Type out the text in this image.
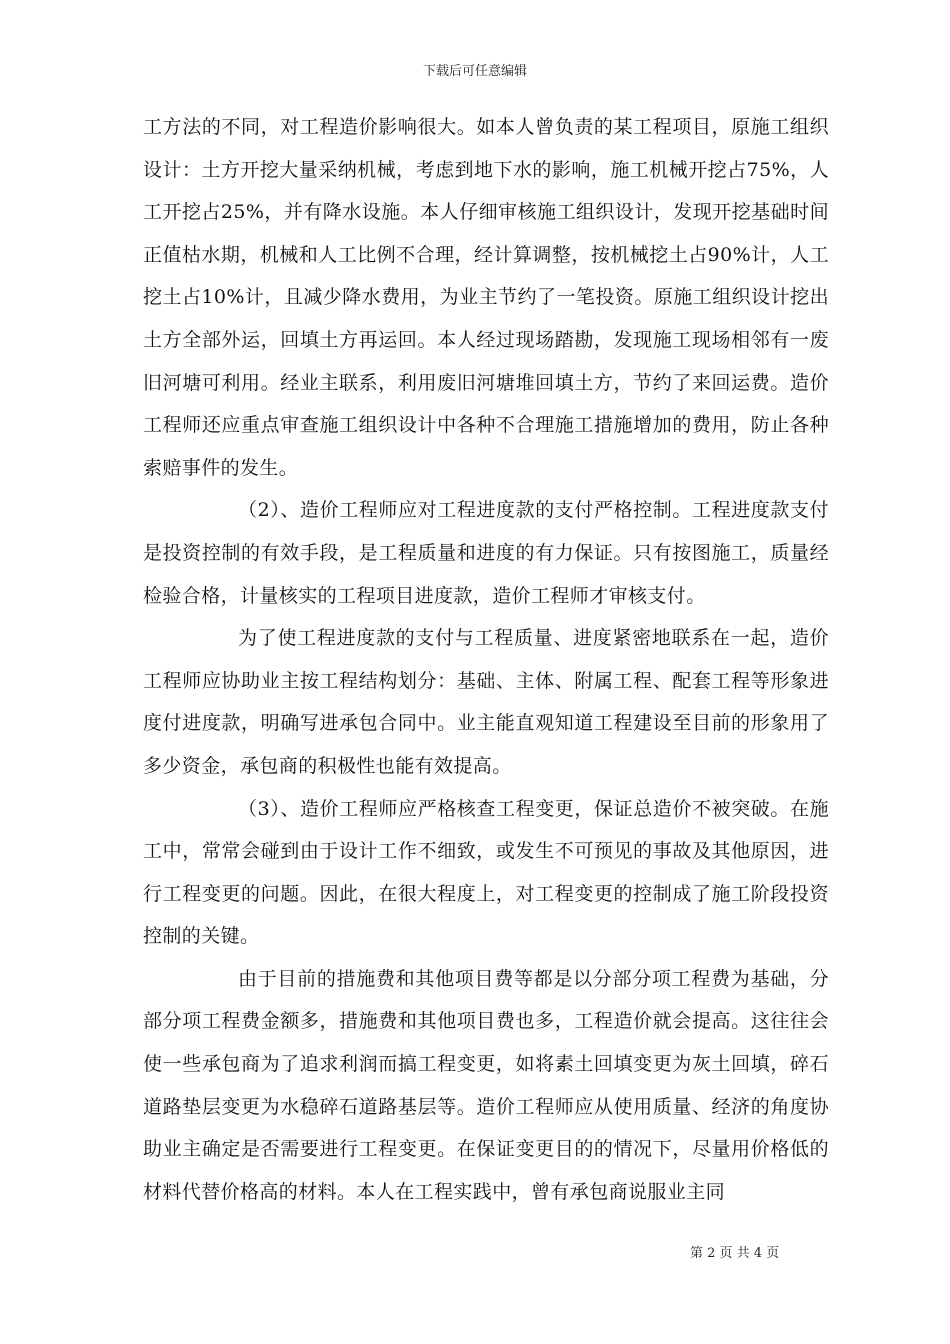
下载后可任意编辑

工方法的不同，对工程造价影响很大。如本人曾负责的某工程项目，原施工组织设计：土方开挖大量采纳机械，考虑到地下水的影响，施工机械开挖占75%，人工开挖占25%，并有降水设施。本人仔细审核施工组织设计，发现开挖基础时间正值枯水期，机械和人工比例不合理，经计算调整，按机械挖土占90%计，人工挖土占10%计，且减少降水费用，为业主节约了一笔投资。原施工组织设计挖出土方全部外运，回填土方再运回。本人经过现场踏勘，发现施工现场相邻有一废旧河塘可利用。经业主联系，利用废旧河塘堆回填土方，节约了来回运费。造价工程师还应重点审查施工组织设计中各种不合理施工措施增加的费用，防止各种索赔事件的发生。

（2）、造价工程师应对工程进度款的支付严格控制。工程进度款支付是投资控制的有效手段，是工程质量和进度的有力保证。只有按图施工，质量经检验合格，计量核实的工程项目进度款，造价工程师才审核支付。

为了使工程进度款的支付与工程质量、进度紧密地联系在一起，造价工程师应协助业主按工程结构划分：基础、主体、附属工程、配套工程等形象进度付进度款，明确写进承包合同中。业主能直观知道工程建设至目前的形象用了多少资金，承包商的积极性也能有效提高。

（3）、造价工程师应严格核查工程变更，保证总造价不被突破。在施工中，常常会碰到由于设计工作不细致，或发生不可预见的事故及其他原因，进行工程变更的问题。因此，在很大程度上，对工程变更的控制成了施工阶段投资控制的关键。

由于目前的措施费和其他项目费等都是以分部分项工程费为基础，分部分项工程费金额多，措施费和其他项目费也多，工程造价就会提高。这往往会使一些承包商为了追求利润而搞工程变更，如将素土回填变更为灰土回填，碎石道路垫层变更为水稳碎石道路基层等。造价工程师应从使用质量、经济的角度协助业主确定是否需要进行工程变更。在保证变更目的的情况下，尽量用价格低的材料代替价格高的材料。本人在工程实践中，曾有承包商说服业主同

第 2 页 共 4 页
